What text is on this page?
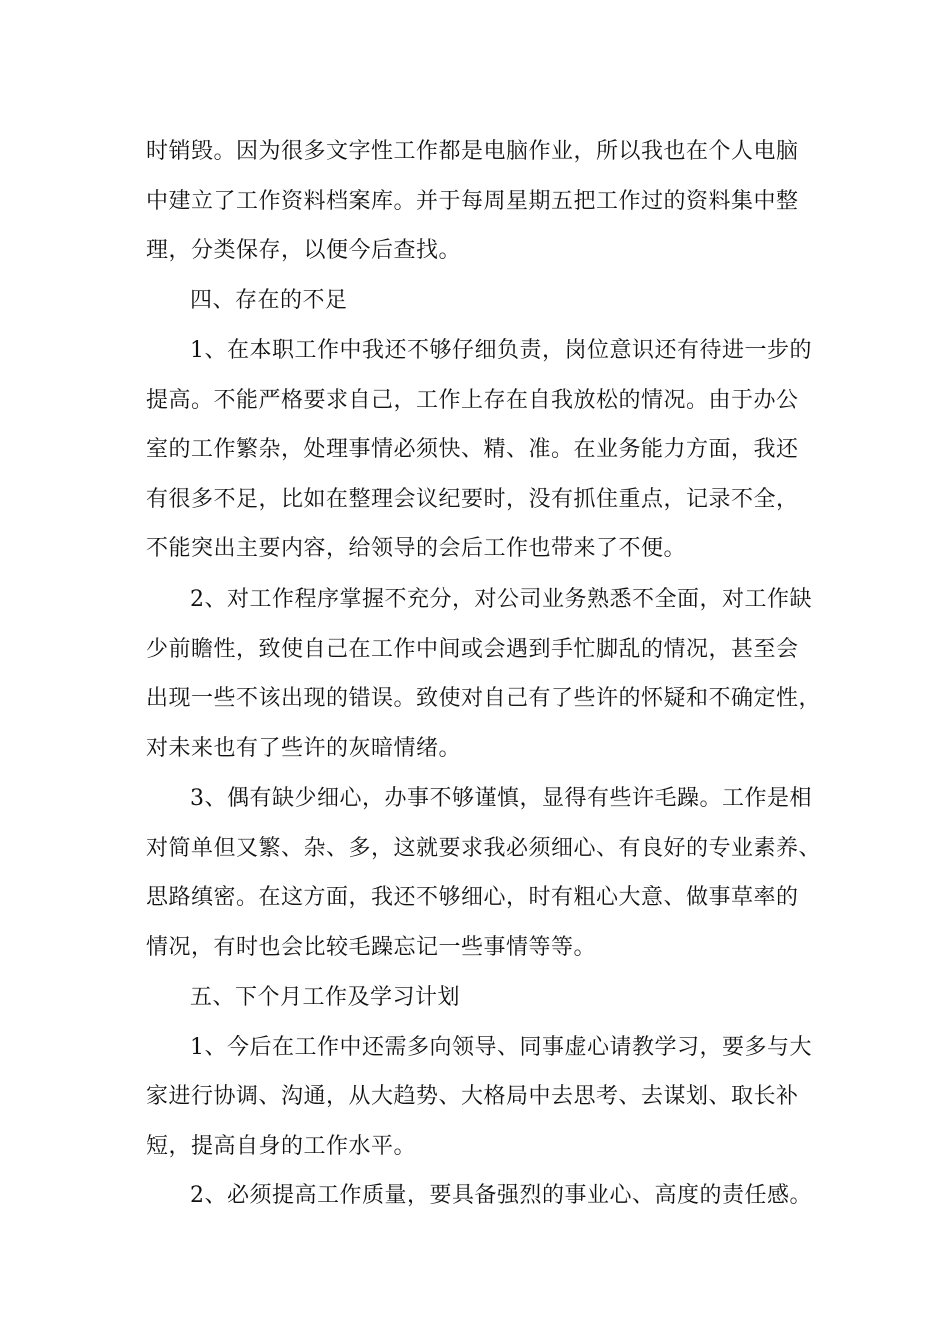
时销毁。因为很多文字性工作都是电脑作业，所以我也在个人电脑
中建立了工作资料档案库。并于每周星期五把工作过的资料集中整
理，分类保存，以便今后查找。
四、存在的不足
1、在本职工作中我还不够仔细负责，岗位意识还有待进一步的
提高。不能严格要求自己，工作上存在自我放松的情况。由于办公
室的工作繁杂，处理事情必须快、精、准。在业务能力方面，我还
有很多不足，比如在整理会议纪要时，没有抓住重点，记录不全，
不能突出主要内容，给领导的会后工作也带来了不便。
2、对工作程序掌握不充分，对公司业务熟悉不全面，对工作缺
少前瞻性，致使自己在工作中间或会遇到手忙脚乱的情况，甚至会
出现一些不该出现的错误。致使对自己有了些许的怀疑和不确定性，
对未来也有了些许的灰暗情绪。
3、偶有缺少细心，办事不够谨慎，显得有些许毛躁。工作是相
对简单但又繁、杂、多，这就要求我必须细心、有良好的专业素养、
思路缜密。在这方面，我还不够细心，时有粗心大意、做事草率的
情况，有时也会比较毛躁忘记一些事情等等。
五、下个月工作及学习计划
1、今后在工作中还需多向领导、同事虚心请教学习，要多与大
家进行协调、沟通，从大趋势、大格局中去思考、去谋划、取长补
短，提高自身的工作水平。
2、必须提高工作质量，要具备强烈的事业心、高度的责任感。
